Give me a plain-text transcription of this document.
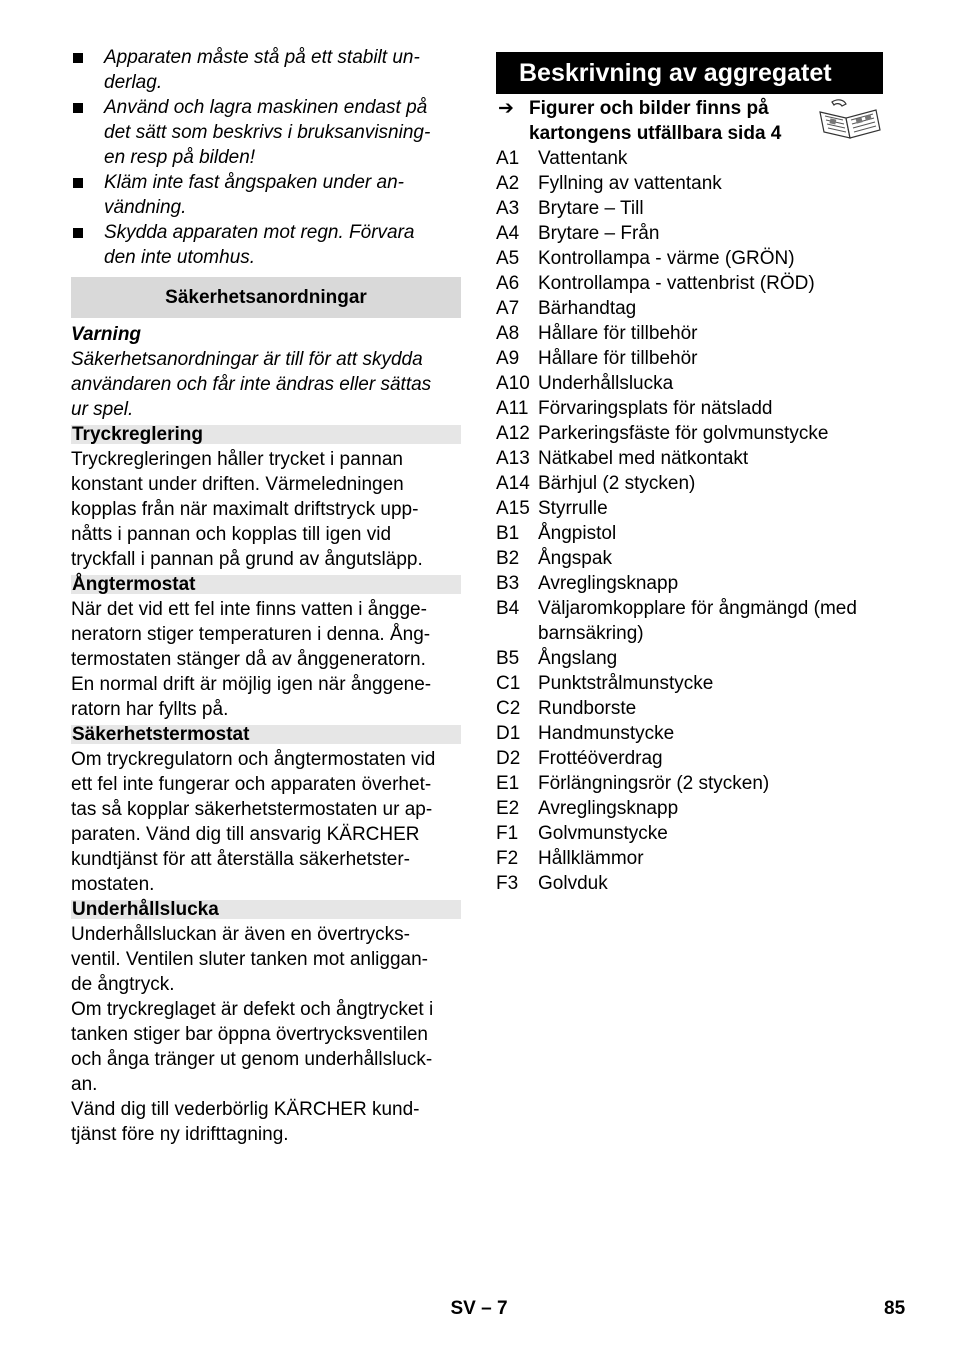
Apparaten måste stå på ett stabilt un-
derlag.
Använd och lagra maskinen endast på
det sätt som beskrivs i bruksanvisning-
en resp på bilden!
Kläm inte fast ångspaken under an-
vändning.
Skydda apparaten mot regn. Förvara
den inte utomhus.
Säkerhetsanordningar
Varning
Säkerhetsanordningar är till för att skydda
användaren och får inte ändras eller sättas
ur spel.
Tryckreglering
Tryckregleringen håller trycket i pannan
konstant under driften. Värmeledningen
kopplas från när maximalt driftstryck upp-
nåtts i pannan och kopplas till igen vid
tryckfall i pannan på grund av ångutsläpp.
Ångtermostat
När det vid ett fel inte finns vatten i ångge-
neratorn stiger temperaturen i denna. Ång-
termostaten stänger då av ånggeneratorn.
En normal drift är möjlig igen när ånggene-
ratorn har fyllts på.
Säkerhetstermostat
Om tryckregulatorn och ångtermostaten vid
ett fel inte fungerar och apparaten överhet-
tas så kopplar säkerhetstermostaten ur ap-
paraten. Vänd dig till ansvarig KÄRCHER
kundtjänst för att återställa säkerhetster-
mostaten.
Underhållslucka
Underhållsluckan är även en övertrycks-
ventil. Ventilen sluter tanken mot anliggan-
de ångtryck.
Om tryckreglaget är defekt och ångtrycket i
tanken stiger bar öppna övertrycksventilen
och ånga tränger ut genom underhållsluck-
an.
Vänd dig till vederbörlig KÄRCHER kund-
tjänst före ny idrifttagning.
Beskrivning av aggregatet
➔ Figurer och bilder finns på
kartongens utfällbara sida 4
A1 Vattentank
A2 Fyllning av vattentank
A3 Brytare – Till
A4 Brytare – Från
A5 Kontrollampa - värme (GRÖN)
A6 Kontrollampa - vattenbrist (RÖD)
A7 Bärhandtag
A8 Hållare för tillbehör
A9 Hållare för tillbehör
A10 Underhållslucka
A11 Förvaringsplats för nätsladd
A12 Parkeringsfäste för golvmunstycke
A13 Nätkabel med nätkontakt
A14 Bärhjul (2 stycken)
A15 Styrrulle
B1 Ångpistol
B2 Ångspak
B3 Avreglingsknapp
B4 Väljaromkopplare för ångmängd (med
barnsäkring)
B5 Ångslang
C1 Punktstrålmunstycke
C2 Rundborste
D1 Handmunstycke
D2 Frottéöverdrag
E1 Förlängningsrör (2 stycken)
E2 Avreglingsknapp
F1	Golvmunstycke
F2	Hållklämmor
F3	Golvduk
SV – 7	85
